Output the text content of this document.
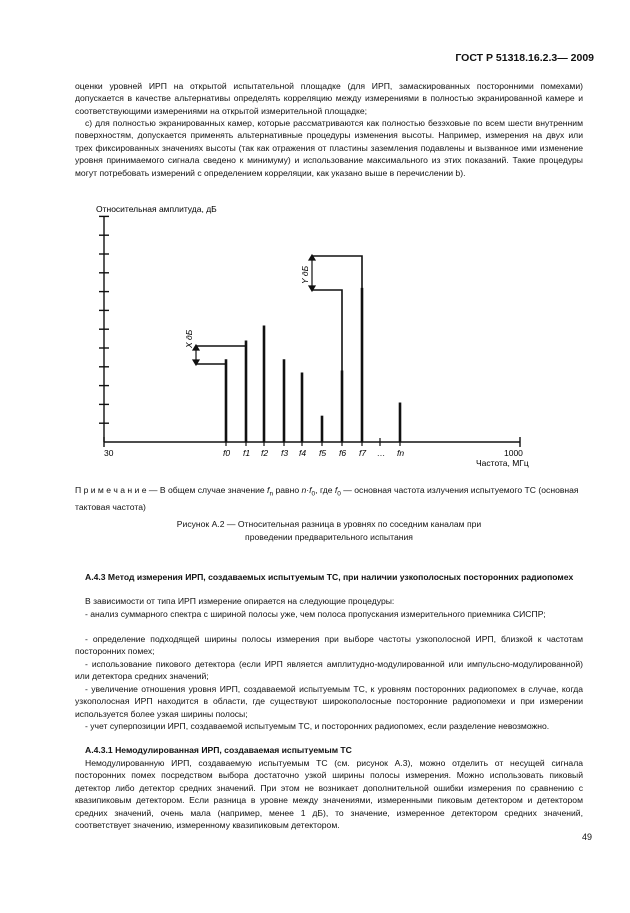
ГОСТ Р 51318.16.2.3— 2009
оценки уровней ИРП на открытой испытательной площадке (для ИРП, замаскированных посторонними помехами) допускается в качестве альтернативы определять корреляцию между измерениями в полностью экранированной камере и соответствующими измерениями на открытой измерительной площадке;
c) для полностью экранированных камер, которые рассматриваются как полностью безэховые по всем шести внутренним поверхностям, допускается применять альтернативные процедуры изменения высоты. Например, измерения на двух или трех фиксированных значениях высоты (так как отражения от пластины заземления подавлены и вызванное ими изменение уровня принимаемого сигнала сведено к минимуму) и использование максимального из этих показаний. Такие процедуры могут потребовать измерений с определением корреляции, как указано выше в перечислении b).
Относительная амплитуда, дБ
X дБ
Y дБ
30	1000
Частота, МГц
f0 f1 f2 f3 f4 f5 f6 f7 … fn
П р и м е ч а н и е — В общем случае значение $f_n$ равно $n\cdot f_0$, где $f_0$ — основная частота излучения испытуемого ТС (основная тактовая частота)
Рисунок А.2 — Относительная разница в уровнях по соседним каналам при
проведении предварительного испытания
А.4.3 Метод измерения ИРП, создаваемых испытуемым ТС, при наличии узкополосных посторонних радиопомех
В зависимости от типа ИРП измерение опирается на следующие процедуры:
- анализ суммарного спектра с шириной полосы уже, чем полоса пропускания измерительного приемника СИСПР;
- определение подходящей ширины полосы измерения при выборе частоты узкополосной ИРП, близкой к частотам посторонних помех;
- использование пикового детектора (если ИРП является амплитудно-модулированной или импульсно-модулированной) или детектора средних значений;
- увеличение отношения уровня ИРП, создаваемой испытуемым ТС, к уровням посторонних радиопомех в случае, когда узкополосная ИРП находится в области, где существуют широкополосные посторонние радиопомехи и при измерении используется более узкая ширины полосы;
- учет суперпозиции ИРП, создаваемой испытуемым ТС, и посторонних радиопомех, если разделение невозможно.
А.4.3.1 Немодулированная ИРП, создаваемая испытуемым ТС
Немодулированную ИРП, создаваемую испытуемым ТС (см. рисунок А.3), можно отделить от несущей сигнала посторонних помех посредством выбора достаточно узкой ширины полосы измерения. Можно использовать пиковый детектор либо детектор средних значений. При этом не возникает дополнительной ошибки измерения по сравнению с квазипиковым детектором. Если разница в уровне между значениями, измеренными пиковым детектором и детектором средних значений, очень мала (например, менее 1 дБ), то значение, измеренное детектором средних значений, соответствует значению, измеренному квазипиковым детектором.
49
